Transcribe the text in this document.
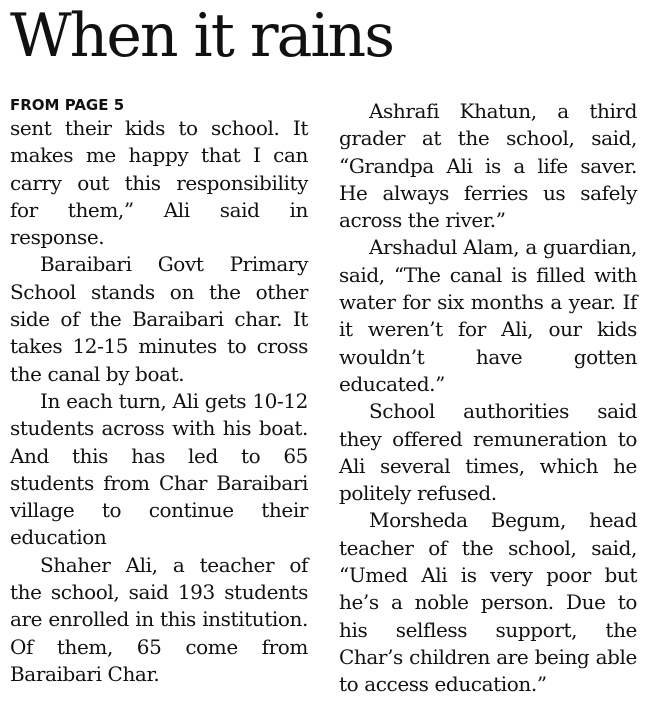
When it rains
FROM PAGE 5

sent their kids to school. It makes me happy that I can carry out this responsibility for them,” Ali said in response.

Baraibari Govt Primary School stands on the other side of the Baraibari char. It takes 12-15 minutes to cross the canal by boat.

In each turn, Ali gets 10-12 students across with his boat. And this has led to 65 students from Char Baraibari village to continue their education

Shaher Ali, a teacher of the school, said 193 students are enrolled in this institution. Of them, 65 come from Baraibari Char.

Ashrafi Khatun, a third grader at the school, said, “Grandpa Ali is a life saver. He always ferries us safely across the river.”

Arshadul Alam, a guardian, said, “The canal is filled with water for six months a year. If it weren’t for Ali, our kids wouldn’t have gotten educated.”

School authorities said they offered remuneration to Ali several times, which he politely refused.

Morsheda Begum, head teacher of the school, said, “Umed Ali is very poor but he’s a noble person. Due to his selfless support, the Char’s children are being able to access education.”
